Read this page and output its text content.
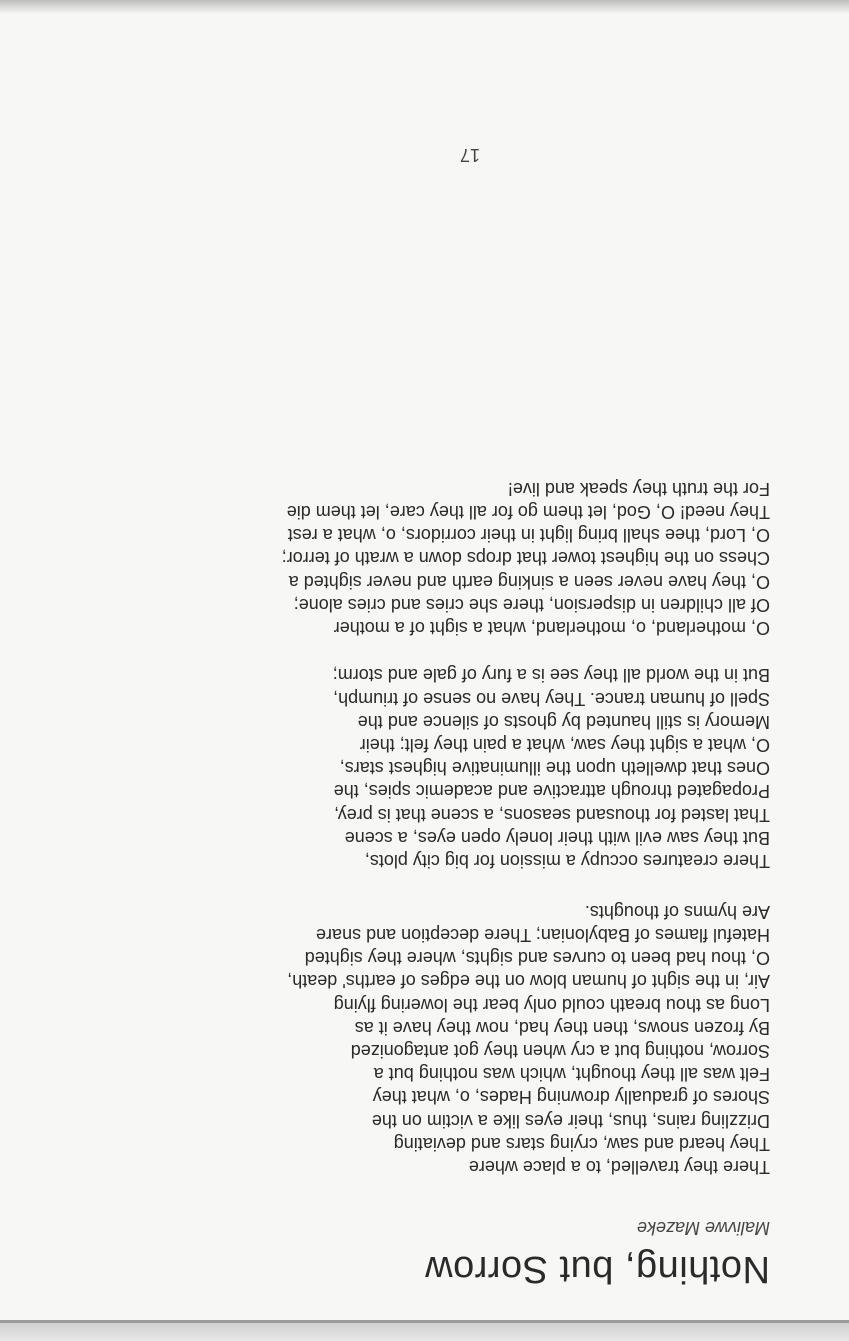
Nothing, but Sorrow
Malivwe Mazeke
There they travelled, to a place where
They heard and saw, crying stars and deviating
Drizzling rains, thus, their eyes like a victim on the
Shores of gradually drowning Hades, o, what they
Felt was all they thought, which was nothing but a
Sorrow, nothing but a cry when they got antagonized
By frozen snows, then they had, now they have it as
Long as thou breath could only bear the lowering flying
Air, in the sight of human blow on the edges of earths' death,
O, thou had been to curves and sights, where they sighted
Hateful flames of Babylonian; There deception and snare
Are hymns of thoughts.
There creatures occupy a mission for big city plots,
But they saw evil with their lonely open eyes, a scene
That lasted for thousand seasons, a scene that is prey,
Propagated through attractive and academic spies, the
Ones that dwelleth upon the illuminative highest stars,
O, what a sight they saw, what a pain they felt; their
Memory is still haunted by ghosts of silence and the
Spell of human trance. They have no sense of triumph,
But in the world all they see is a fury of gale and storm;
O, motherland, o, motherland, what a sight of a mother
Of all children in dispersion, there she cries and cries alone;
O, they have never seen a sinking earth and never sighted a
Chess on the highest tower that drops down a wrath of terror;
O, Lord, thee shall bring light in their corridors, o, what a rest
They need! O, God, let them go for all they care, let them die
For the truth they speak and live!
17
